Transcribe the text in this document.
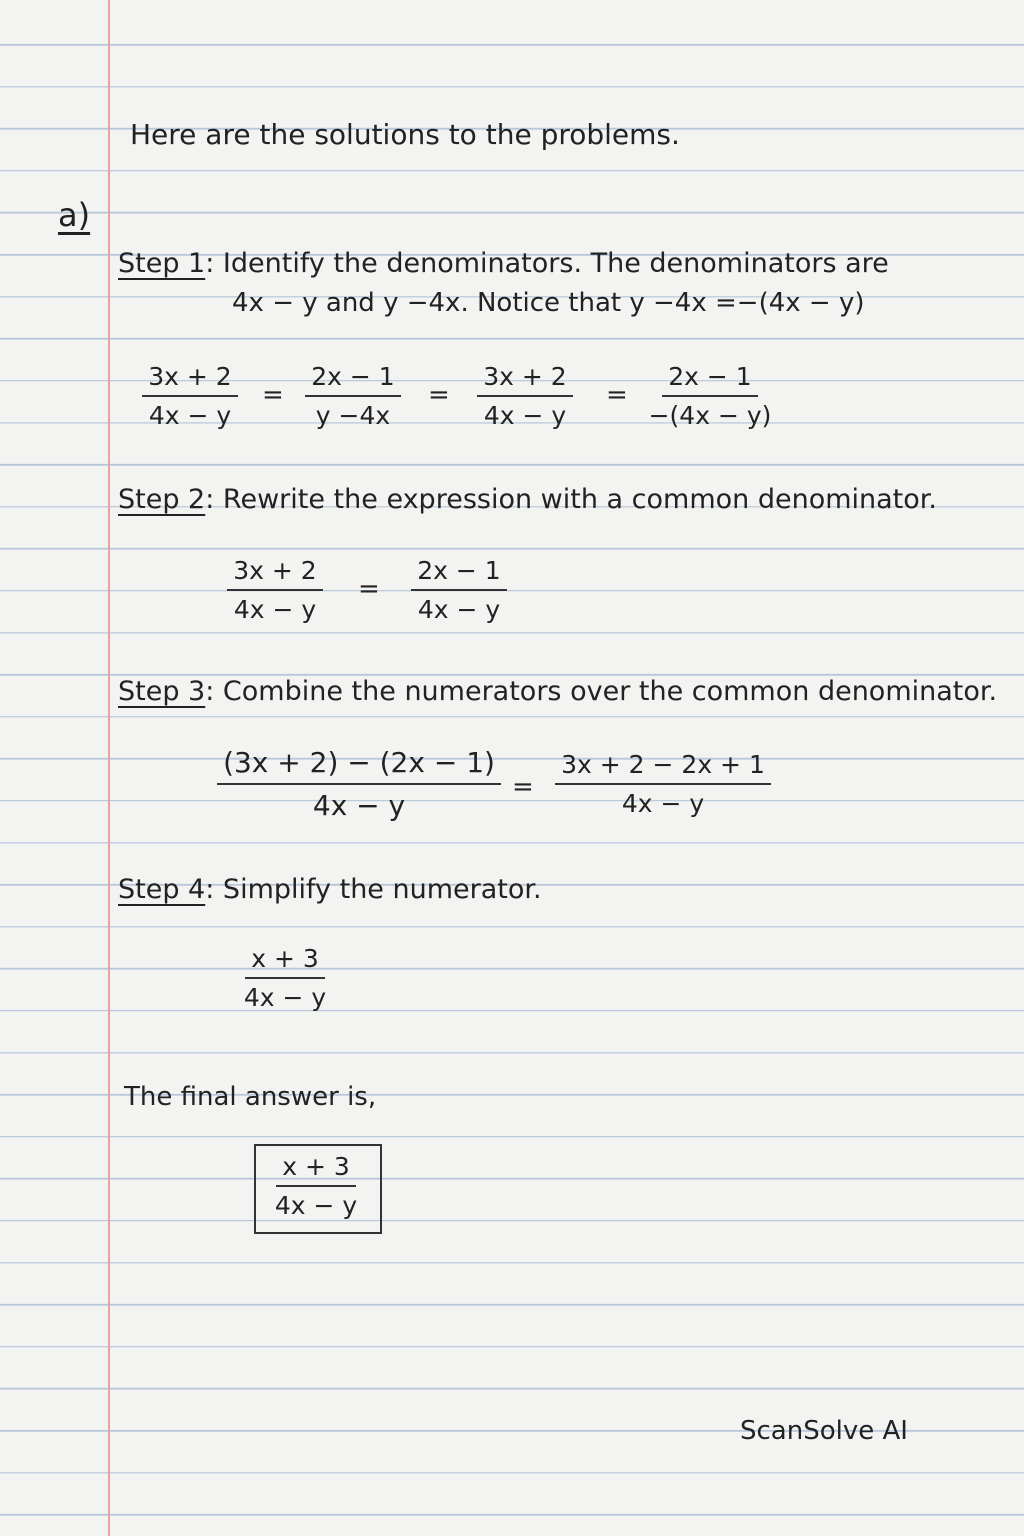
Here are the solutions to the problems.
a)
Step 1: Identify the denominators. The denominators are
4x − y and y −4x. Notice that y −4x =−(4x − y)
$\frac{3x + 2}{4x - y} = \frac{2x - 1}{y -4x} = \frac{3x + 2}{4x - y} = \frac{2x - 1}{-(4x - y)}$
Step 2: Rewrite the expression with a common denominator.
$\frac{3x + 2}{4x - y} = \frac{2x - 1}{4x - y}$
Step 3: Combine the numerators over the common denominator.
$\frac{(3x + 2) - (2x - 1)}{4x - y} = \frac{3x + 2 - 2x + 1}{4x - y}$
Step 4: Simplify the numerator.
$\frac{x + 3}{4x - y}$
The final answer is,
$\frac{x + 3}{4x - y}$
ScanSolve AI
